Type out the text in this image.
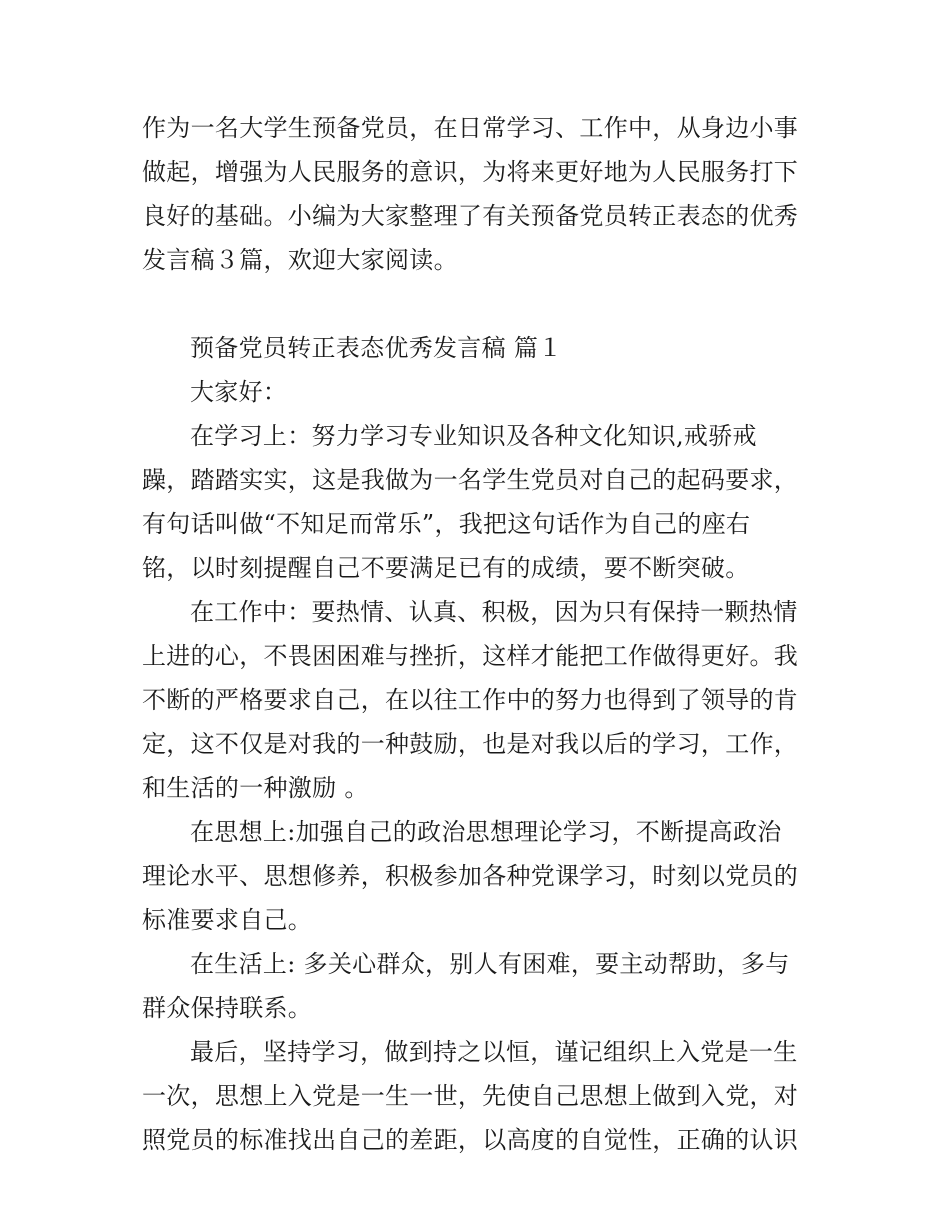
作为一名大学生预备党员，在日常学习、工作中，从身边小事
做起，增强为人民服务的意识，为将来更好地为人民服务打下
良好的基础。小编为大家整理了有关预备党员转正表态的优秀
发言稿３篇，欢迎大家阅读。
预备党员转正表态优秀发言稿 篇１
大家好：
在学习上：努力学习专业知识及各种文化知识,戒骄戒
躁，踏踏实实，这是我做为一名学生党员对自己的起码要求，
有句话叫做“不知足而常乐”，我把这句话作为自己的座右
铭，以时刻提醒自己不要满足已有的成绩，要不断突破。
在工作中：要热情、认真、积极，因为只有保持一颗热情
上进的心，不畏困困难与挫折，这样才能把工作做得更好。我
不断的严格要求自己，在以往工作中的努力也得到了领导的肯
定，这不仅是对我的一种鼓励，也是对我以后的学习，工作，
和生活的一种激励 。
在思想上:加强自己的政治思想理论学习，不断提高政治
理论水平、思想修养，积极参加各种党课学习，时刻以党员的
标准要求自己。
在生活上: 多关心群众，别人有困难，要主动帮助，多与
群众保持联系。
最后，坚持学习，做到持之以恒，谨记组织上入党是一生
一次，思想上入党是一生一世，先使自己思想上做到入党，对
照党员的标准找出自己的差距，以高度的自觉性，正确的认识
